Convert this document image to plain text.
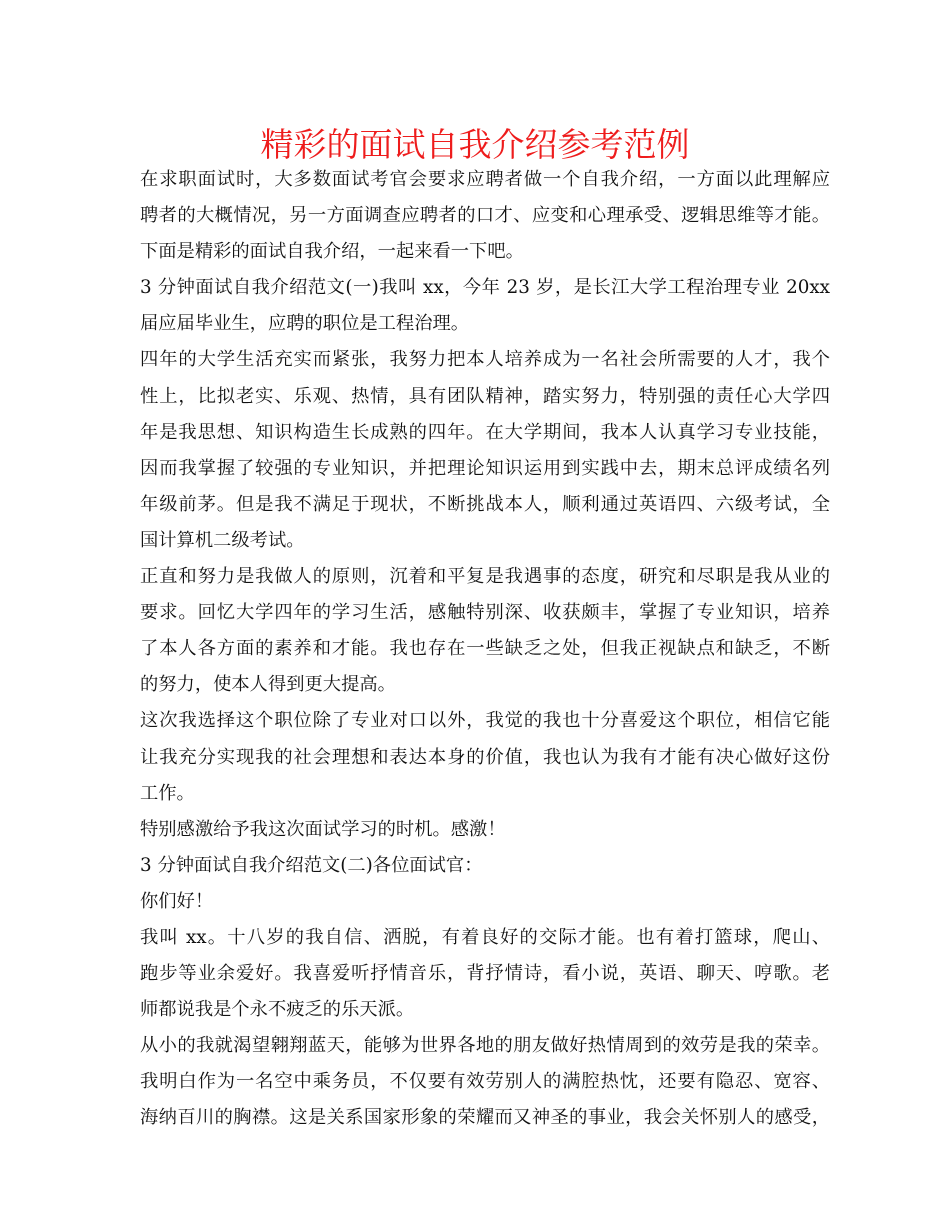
精彩的面试自我介绍参考范例
在求职面试时，大多数面试考官会要求应聘者做一个自我介绍，一方面以此理解应
聘者的大概情况，另一方面调查应聘者的口才、应变和心理承受、逻辑思维等才能。
下面是精彩的面试自我介绍，一起来看一下吧。
3 分钟面试自我介绍范文(一)我叫 xx，今年 23 岁，是长江大学工程治理专业 20xx
届应届毕业生，应聘的职位是工程治理。
四年的大学生活充实而紧张，我努力把本人培养成为一名社会所需要的人才，我个
性上，比拟老实、乐观、热情，具有团队精神，踏实努力，特别强的责任心大学四
年是我思想、知识构造生长成熟的四年。在大学期间，我本人认真学习专业技能，
因而我掌握了较强的专业知识，并把理论知识运用到实践中去，期末总评成绩名列
年级前茅。但是我不满足于现状，不断挑战本人，顺利通过英语四、六级考试，全
国计算机二级考试。
正直和努力是我做人的原则，沉着和平复是我遇事的态度，研究和尽职是我从业的
要求。回忆大学四年的学习生活，感触特别深、收获颇丰，掌握了专业知识，培养
了本人各方面的素养和才能。我也存在一些缺乏之处，但我正视缺点和缺乏，不断
的努力，使本人得到更大提高。
这次我选择这个职位除了专业对口以外，我觉的我也十分喜爱这个职位，相信它能
让我充分实现我的社会理想和表达本身的价值，我也认为我有才能有决心做好这份
工作。
特别感激给予我这次面试学习的时机。感激！
3 分钟面试自我介绍范文(二)各位面试官：
你们好！
我叫 xx。十八岁的我自信、洒脱，有着良好的交际才能。也有着打篮球，爬山、
跑步等业余爱好。我喜爱听抒情音乐，背抒情诗，看小说，英语、聊天、哼歌。老
师都说我是个永不疲乏的乐天派。
从小的我就渴望翱翔蓝天，能够为世界各地的朋友做好热情周到的效劳是我的荣幸。
我明白作为一名空中乘务员，不仅要有效劳别人的满腔热忱，还要有隐忍、宽容、
海纳百川的胸襟。这是关系国家形象的荣耀而又神圣的事业，我会关怀别人的感受，
